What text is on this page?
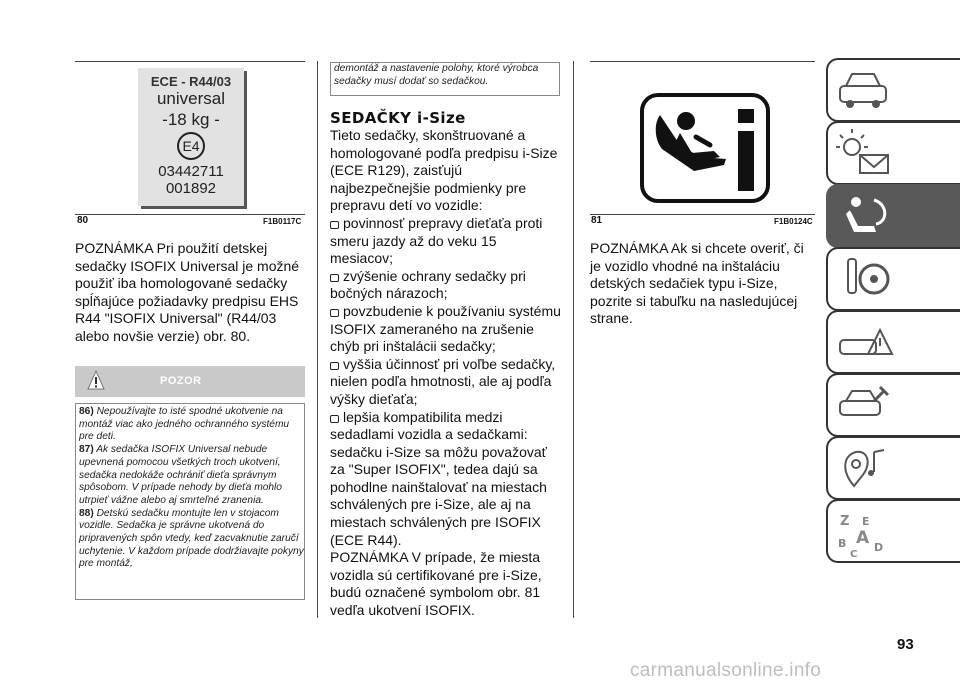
ECE - R44/03
universal
-18 kg -
E4
03442711
001892
80	F1B0117C
POZNÁMKA Pri použití detskej sedačky ISOFIX Universal je možné použiť iba homologované sedačky spĺňajúce požiadavky predpisu EHS R44 "ISOFIX Universal" (R44/03 alebo novšie verzie) obr. 80.
POZOR
86) Nepoužívajte to isté spodné ukotvenie na montáž viac ako jedného ochranného systému pre deti.
87) Ak sedačka ISOFIX Universal nebude upevnená pomocou všetkých troch ukotvení, sedačka nedokáže ochrániť dieťa správnym spôsobom. V prípade nehody by dieťa mohlo utrpieť vážne alebo aj smrteľné zranenia.
88) Detskú sedačku montujte len v stojacom vozidle. Sedačka je správne ukotvená do pripravených spôn vtedy, keď zacvaknutie zaručí uchytenie. V každom prípade dodržiavajte pokyny pre montáž,
demontáž a nastavenie polohy, ktoré výrobca sedačky musí dodať so sedačkou.
SEDAČKY i-Size
Tieto sedačky, skonštruované a homologované podľa predpisu i-Size (ECE R129), zaisťujú najbezpečnejšie podmienky pre prepravu detí vo vozidle:
povinnosť prepravy dieťaťa proti smeru jazdy až do veku 15 mesiacov;
zvýšenie ochrany sedačky pri bočných nárazoch;
povzbudenie k používaniu systému ISOFIX zameraného na zrušenie chýb pri inštalácii sedačky;
vyššia účinnosť pri voľbe sedačky, nielen podľa hmotnosti, ale aj podľa výšky dieťaťa;
lepšia kompatibilita medzi sedadlami vozidla a sedačkami: sedačku i-Size sa môžu považovať za "Super ISOFIX", tedea dajú sa pohodlne nainštalovať na miestach schválených pre i-Size, ale aj na miestach schválených pre ISOFIX (ECE R44).
POZNÁMKA V prípade, že miesta vozidla sú certifikované pre i-Size, budú označené symbolom obr. 81 vedľa ukotvení ISOFIX.
81	F1B0124C
POZNÁMKA Ak si chcete overiť, či je vozidlo vhodné na inštaláciu detských sedačiek typu i-Size, pozrite si tabuľku na nasledujúcej strane.
Z E
B A D
C
93
carmanualsonline.info
